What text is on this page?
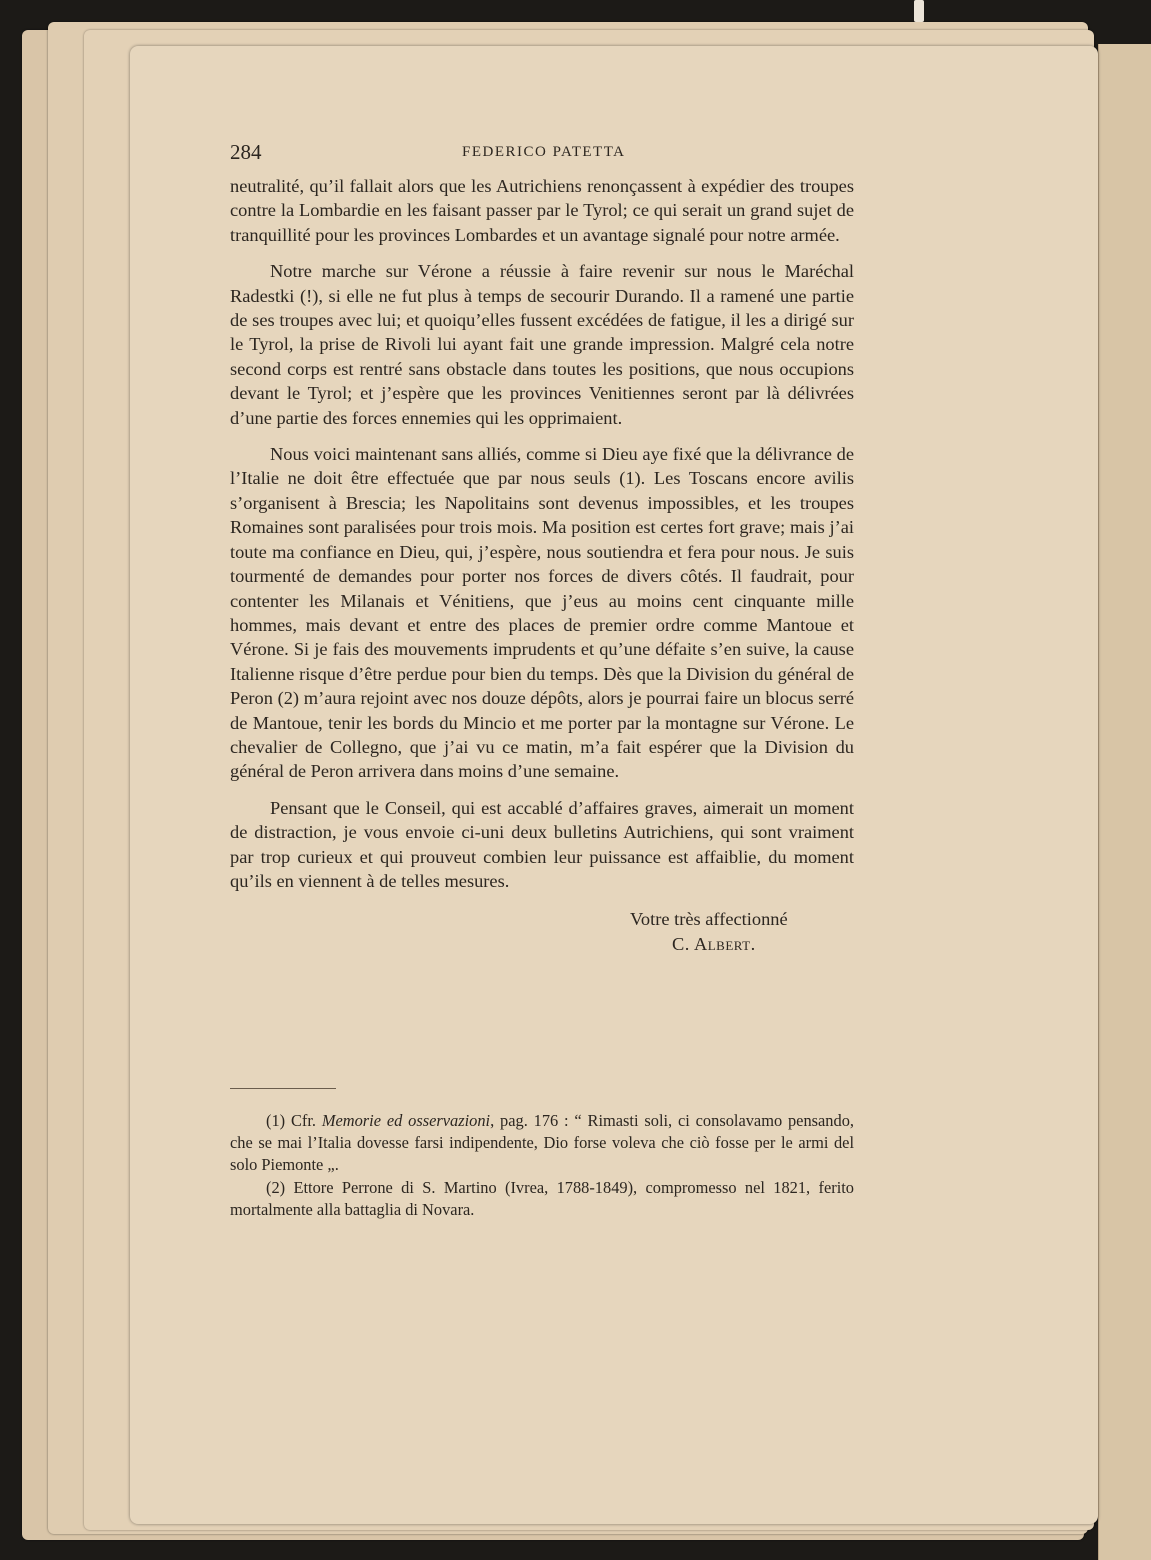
284	FEDERICO PATETTA

neutralité, qu’il fallait alors que les Autrichiens renonçassent à expédier des troupes contre la Lombardie en les faisant passer par le Tyrol; ce qui serait un grand sujet de tranquillité pour les provinces Lombardes et un avantage signalé pour notre armée.

Notre marche sur Vérone a réussie à faire revenir sur nous le Maréchal Radestki (!), si elle ne fut plus à temps de secourir Durando. Il a ramené une partie de ses troupes avec lui; et quoiqu’elles fussent excédées de fatigue, il les a dirigé sur le Tyrol, la prise de Rivoli lui ayant fait une grande impression. Malgré cela notre second corps est rentré sans obstacle dans toutes les positions, que nous occupions devant le Tyrol; et j’espère que les provinces Venitiennes seront par là délivrées d’une partie des forces ennemies qui les opprimaient.

Nous voici maintenant sans alliés, comme si Dieu aye fixé que la délivrance de l’Italie ne doit être effectuée que par nous seuls (1). Les Toscans encore avilis s’organisent à Brescia; les Napolitains sont devenus impossibles, et les troupes Romaines sont paralisées pour trois mois. Ma position est certes fort grave; mais j’ai toute ma confiance en Dieu, qui, j’espère, nous soutiendra et fera pour nous. Je suis tourmenté de demandes pour porter nos forces de divers côtés. Il faudrait, pour contenter les Milanais et Vénitiens, que j’eus au moins cent cinquante mille hommes, mais devant et entre des places de premier ordre comme Mantoue et Vérone. Si je fais des mouvements imprudents et qu’une défaite s’en suive, la cause Italienne risque d’être perdue pour bien du temps. Dès que la Division du général de Peron (2) m’aura rejoint avec nos douze dépôts, alors je pourrai faire un blocus serré de Mantoue, tenir les bords du Mincio et me porter par la montagne sur Vérone. Le chevalier de Collegno, que j’ai vu ce matin, m’a fait espérer que la Division du général de Peron arrivera dans moins d’une semaine.

Pensant que le Conseil, qui est accablé d’affaires graves, aimerait un moment de distraction, je vous envoie ci-uni deux bulletins Autrichiens, qui sont vraiment par trop curieux et qui prouveut combien leur puissance est affaiblie, du moment qu’ils en viennent à de telles mesures.

Votre très affectionné
C. Albert.

(1) Cfr. Memorie ed osservazioni, pag. 176 : “ Rimasti soli, ci consolavamo pensando, che se mai l’Italia dovesse farsi indipendente, Dio forse voleva che ciò fosse per le armi del solo Piemonte „.

(2) Ettore Perrone di S. Martino (Ivrea, 1788-1849), compromesso nel 1821, ferito mortalmente alla battaglia di Novara.
